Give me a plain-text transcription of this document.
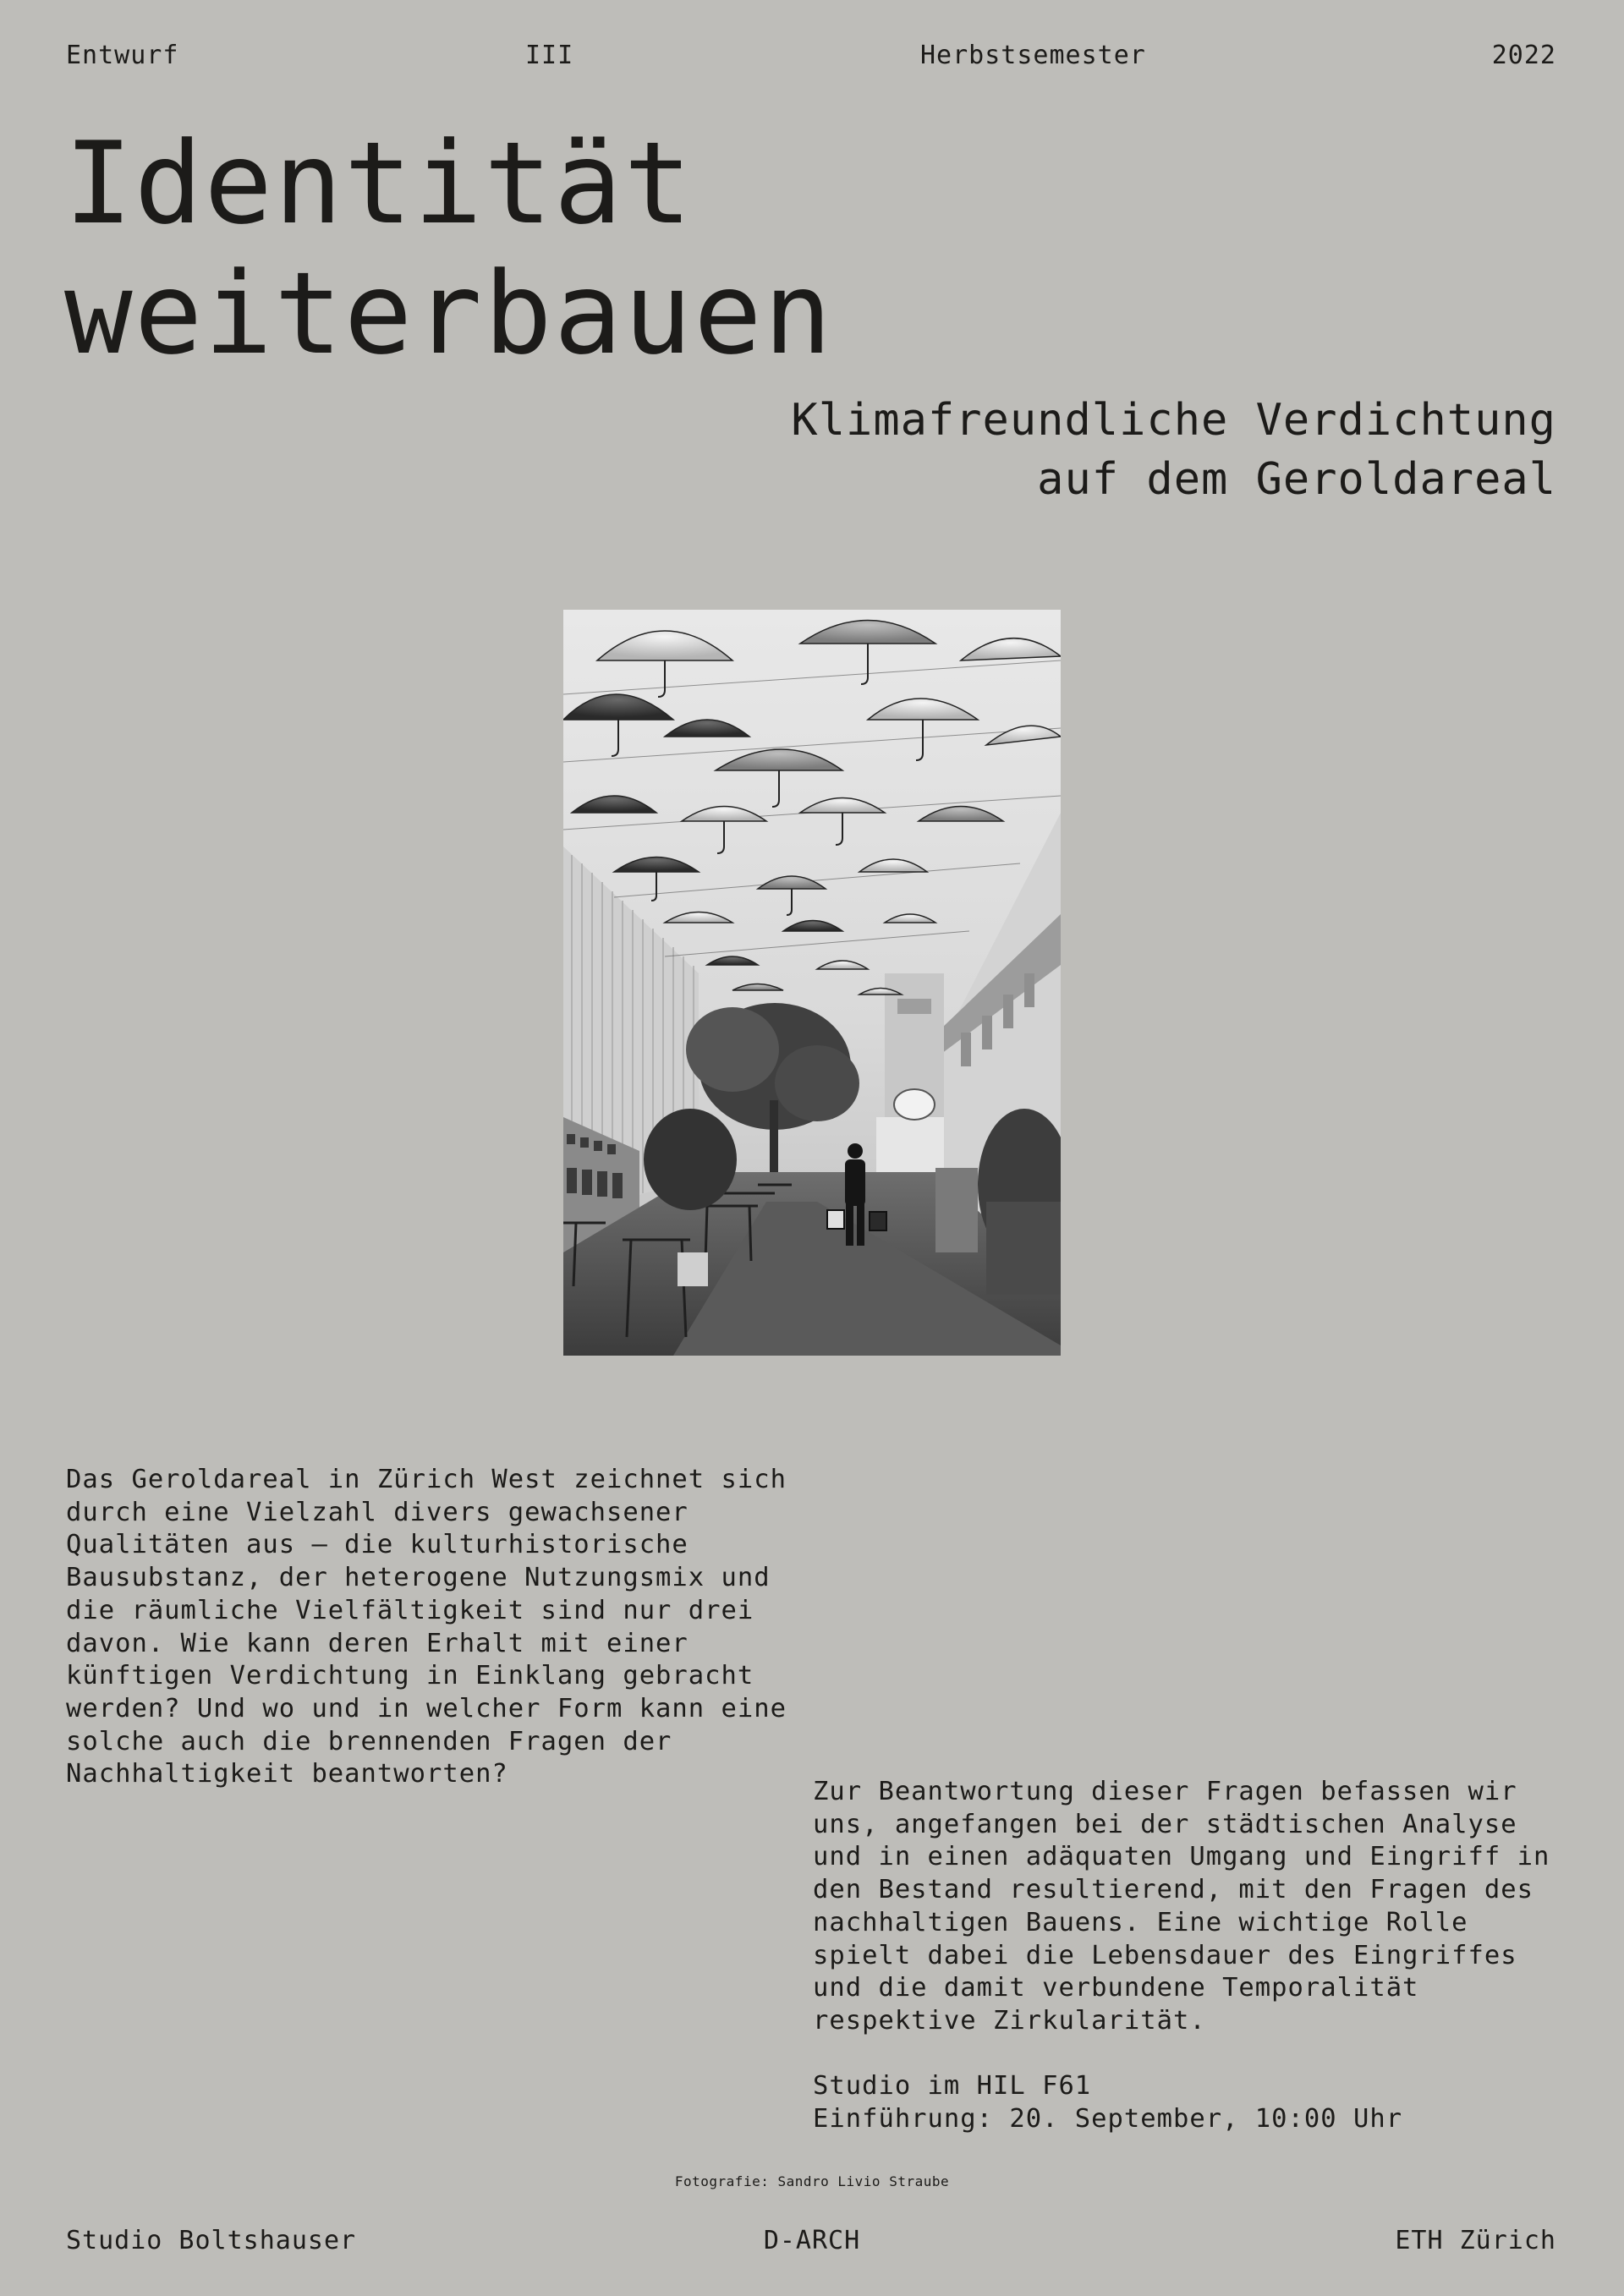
Entwurf	III	Herbstsemester	2022
Identität
weiterbauen
Klimafreundliche Verdichtung
auf dem Geroldareal

Das Geroldareal in Zürich West zeichnet sich
durch eine Vielzahl divers gewachsener
Qualitäten aus – die kulturhistorische
Bausubstanz, der heterogene Nutzungsmix und
die räumliche Vielfältigkeit sind nur drei
davon. Wie kann deren Erhalt mit einer
künftigen Verdichtung in Einklang gebracht
werden? Und wo und in welcher Form kann eine
solche auch die brennenden Fragen der
Nachhaltigkeit beantworten?

Zur Beantwortung dieser Fragen befassen wir
uns, angefangen bei der städtischen Analyse
und in einen adäquaten Umgang und Eingriff in
den Bestand resultierend, mit den Fragen des
nachhaltigen Bauens. Eine wichtige Rolle
spielt dabei die Lebensdauer des Eingriffes
und die damit verbundene Temporalität
respektive Zirkularität.

Studio im HIL F61
Einführung: 20. September, 10:00 Uhr
Fotografie: Sandro Livio Straube
Studio Boltshauser	D-ARCH	ETH Zürich
